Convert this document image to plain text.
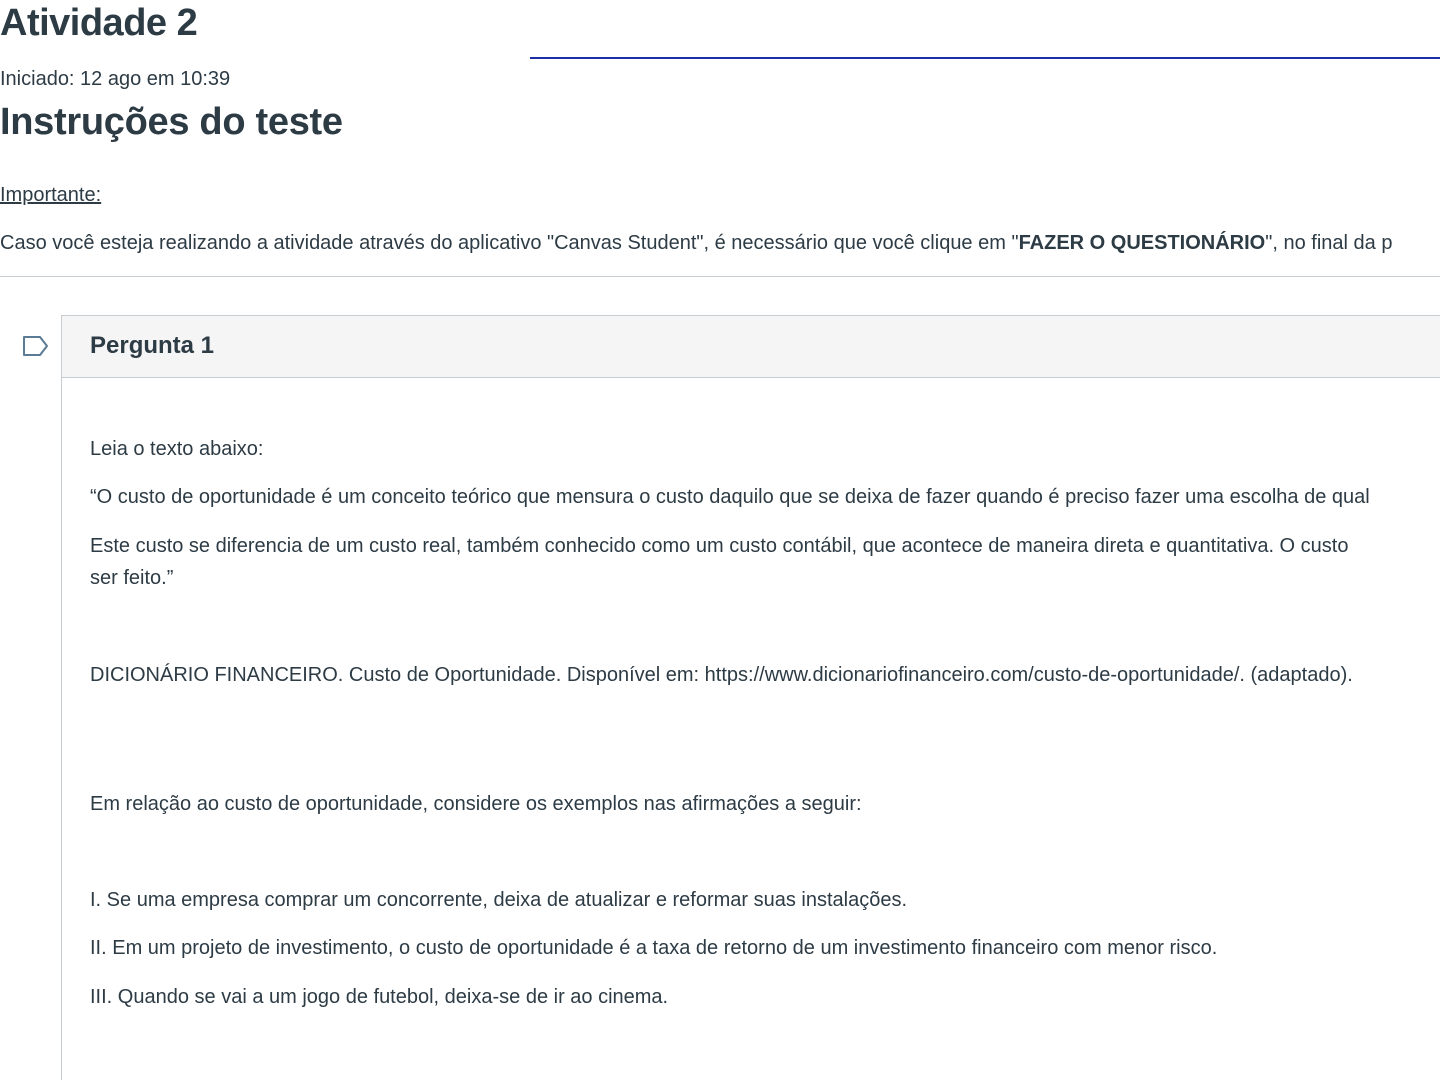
Atividade 2
Iniciado: 12 ago em 10:39
Instruções do teste
Importante:
Caso você esteja realizando a atividade através do aplicativo "Canvas Student", é necessário que você clique em "FAZER O QUESTIONÁRIO", no final da p
Pergunta 1
Leia o texto abaixo:
“O custo de oportunidade é um conceito teórico que mensura o custo daquilo que se deixa de fazer quando é preciso fazer uma escolha de qual
Este custo se diferencia de um custo real, também conhecido como um custo contábil, que acontece de maneira direta e quantitativa. O custo
ser feito.”
DICIONÁRIO FINANCEIRO. Custo de Oportunidade. Disponível em: https://www.dicionariofinanceiro.com/custo-de-oportunidade/. (adaptado).
Em relação ao custo de oportunidade, considere os exemplos nas afirmações a seguir:
I. Se uma empresa comprar um concorrente, deixa de atualizar e reformar suas instalações.
II. Em um projeto de investimento, o custo de oportunidade é a taxa de retorno de um investimento financeiro com menor risco.
III. Quando se vai a um jogo de futebol, deixa-se de ir ao cinema.
